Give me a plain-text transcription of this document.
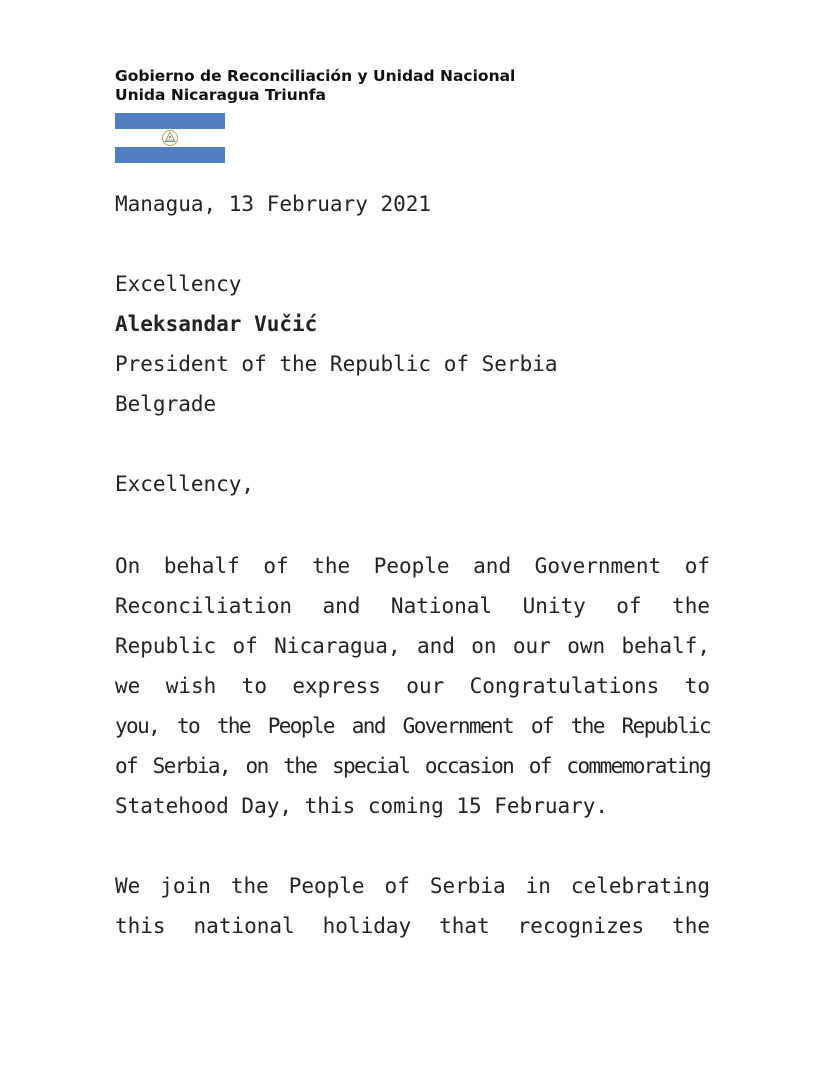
Gobierno de Reconciliación y Unidad Nacional
Unida Nicaragua Triunfa
Managua, 13 February 2021
Excellency
Aleksandar Vučić
President of the Republic of Serbia
Belgrade
Excellency,
On behalf of the People and Government of
Reconciliation and National Unity of the
Republic of Nicaragua, and on our own behalf,
we wish to express our Congratulations to
you, to the People and Government of the Republic
of Serbia, on the special occasion of commemorating
Statehood Day, this coming 15 February.
We join the People of Serbia in celebrating
this national holiday that recognizes the
